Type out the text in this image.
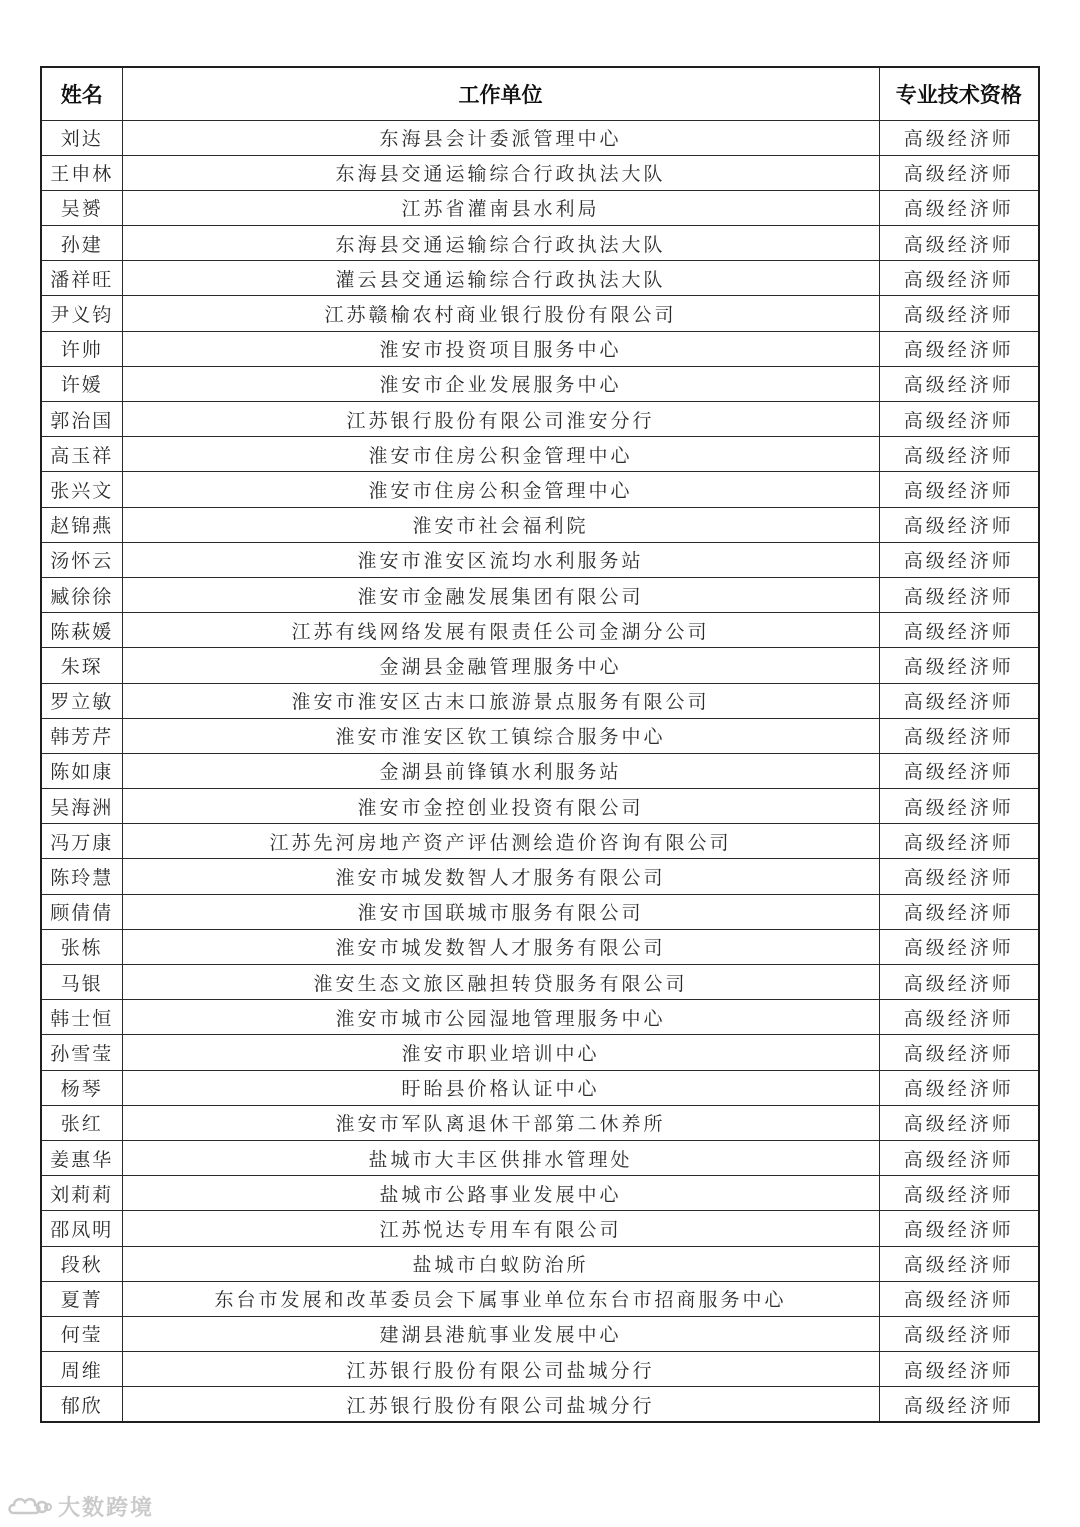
姓名	工作单位	专业技术资格
刘达	东海县会计委派管理中心	高级经济师
王申林	东海县交通运输综合行政执法大队	高级经济师
吴赟	江苏省灌南县水利局	高级经济师
孙建	东海县交通运输综合行政执法大队	高级经济师
潘祥旺	灌云县交通运输综合行政执法大队	高级经济师
尹义钧	江苏赣榆农村商业银行股份有限公司	高级经济师
许帅	淮安市投资项目服务中心	高级经济师
许媛	淮安市企业发展服务中心	高级经济师
郭治国	江苏银行股份有限公司淮安分行	高级经济师
高玉祥	淮安市住房公积金管理中心	高级经济师
张兴文	淮安市住房公积金管理中心	高级经济师
赵锦燕	淮安市社会福利院	高级经济师
汤怀云	淮安市淮安区流均水利服务站	高级经济师
臧徐徐	淮安市金融发展集团有限公司	高级经济师
陈萩媛	江苏有线网络发展有限责任公司金湖分公司	高级经济师
朱琛	金湖县金融管理服务中心	高级经济师
罗立敏	淮安市淮安区古末口旅游景点服务有限公司	高级经济师
韩芳芹	淮安市淮安区钦工镇综合服务中心	高级经济师
陈如康	金湖县前锋镇水利服务站	高级经济师
吴海洲	淮安市金控创业投资有限公司	高级经济师
冯万康	江苏先河房地产资产评估测绘造价咨询有限公司	高级经济师
陈玲慧	淮安市城发数智人才服务有限公司	高级经济师
顾倩倩	淮安市国联城市服务有限公司	高级经济师
张栋	淮安市城发数智人才服务有限公司	高级经济师
马银	淮安生态文旅区融担转贷服务有限公司	高级经济师
韩士恒	淮安市城市公园湿地管理服务中心	高级经济师
孙雪莹	淮安市职业培训中心	高级经济师
杨琴	盱眙县价格认证中心	高级经济师
张红	淮安市军队离退休干部第二休养所	高级经济师
姜惠华	盐城市大丰区供排水管理处	高级经济师
刘莉莉	盐城市公路事业发展中心	高级经济师
邵凤明	江苏悦达专用车有限公司	高级经济师
段秋	盐城市白蚁防治所	高级经济师
夏菁	东台市发展和改革委员会下属事业单位东台市招商服务中心	高级经济师
何莹	建湖县港航事业发展中心	高级经济师
周维	江苏银行股份有限公司盐城分行	高级经济师
郁欣	江苏银行股份有限公司盐城分行	高级经济师
大数跨境
